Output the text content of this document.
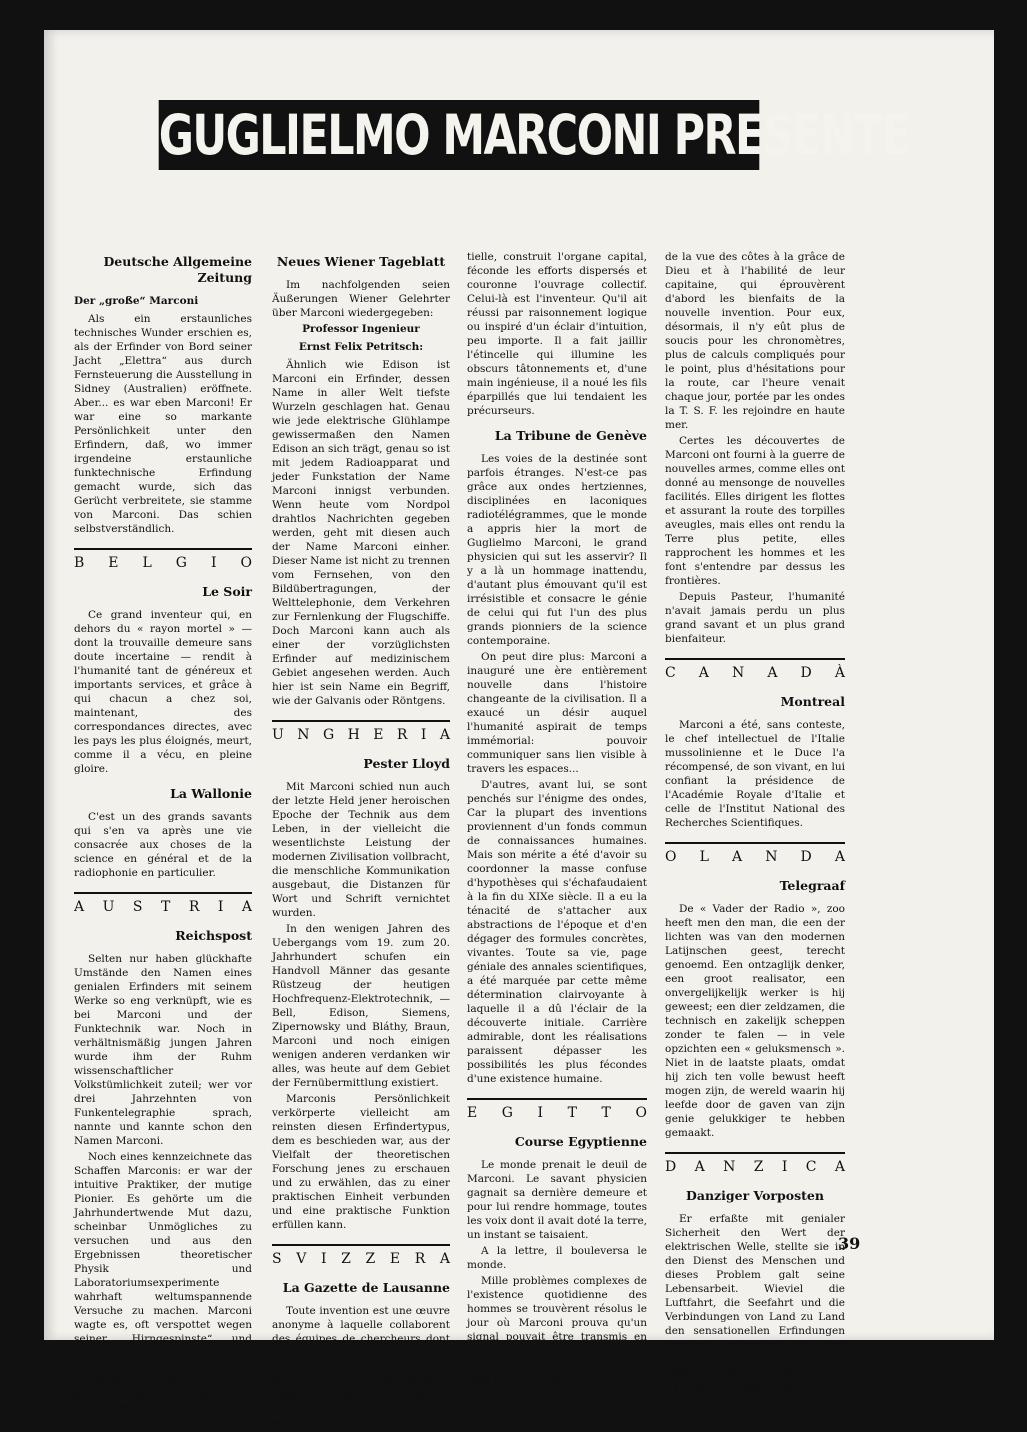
GUGLIELMO MARCONI PRESENTE
Deutsche Allgemeine Zeitung
Der „große“ Marconi

Als ein erstaunliches technisches Wunder erschien es, als der Erfinder von Bord seiner Jacht „Elettra“ aus durch Fernsteuerung die Ausstellung in Sidney (Australien) eröffnete. Aber... es war eben Marconi! Er war eine so markante Persönlichkeit unter den Erfindern, daß, wo immer irgendeine erstaunliche funktechnische Erfindung gemacht wurde, sich das Gerücht verbreitete, sie stamme von Marconi. Das schien selbstverständlich.

B E L G I O
Le Soir

Ce grand inventeur qui, en dehors du « rayon mortel » — dont la trouvaille demeure sans doute incertaine — rendit à l'humanité tant de généreux et importants services, et grâce à qui chacun a chez soi, maintenant, des correspondances directes, avec les pays les plus éloignés, meurt, comme il a vécu, en pleine gloire.

La Wallonie

C'est un des grands savants qui s'en va après une vie consacrée aux choses de la science en général et de la radiophonie en particulier.

A U S T R I A
Reichspost

Selten nur haben glückhafte Umstände den Namen eines genialen Erfinders mit seinem Werke so eng verknüpft, wie es bei Marconi und der Funktechnik war. Noch in verhältnismäßig jungen Jahren wurde ihm der Ruhm wissenschaftlicher Volkstümlichkeit zuteil; wer vor drei Jahrzehnten von Funkentelegraphie sprach, nannte und kannte schon den Namen Marconi.

Noch eines kennzeichnete das Schaffen Marconis: er war der intuitive Praktiker, der mutige Pionier. Es gehörte um die Jahrhundertwende Mut dazu, scheinbar Unmögliches zu versuchen und aus den Ergebnissen theoretischer Physik und Laboratoriumsexperimente wahrhaft weltumspannende Versuche zu machen. Marconi wagte es, oft verspottet wegen seiner „Hirngespinste“ und verlacht wegen seiner zähen Beharrlichkeit, mit der er arbeitete. Er war nicht nur genial; er hatte auch den Fleiß, der das wahre Genie kennzeichnet.

Neues Wiener Tageblatt

Im nachfolgenden seien Äußerungen Wiener Gelehrter über Marconi wiedergegeben:

Professor Ingenieur
Ernst Felix Petritsch:

Ähnlich wie Edison ist Marconi ein Erfinder, dessen Name in aller Welt tiefste Wurzeln geschlagen hat. Genau wie jede elektrische Glühlampe gewissermaßen den Namen Edison an sich trägt, genau so ist mit jedem Radioapparat und jeder Funkstation der Name Marconi innigst verbunden. Wenn heute vom Nordpol drahtlos Nachrichten gegeben werden, geht mit diesen auch der Name Marconi einher. Dieser Name ist nicht zu trennen vom Fernsehen, von den Bildübertragungen, der Welttelephonie, dem Verkehren zur Fernlenkung der Flugschiffe. Doch Marconi kann auch als einer der vorzüglichsten Erfinder auf medizinischem Gebiet angesehen werden. Auch hier ist sein Name ein Begriff, wie der Galvanis oder Röntgens.

U N G H E R I A
Pester Lloyd

Mit Marconi schied nun auch der letzte Held jener heroischen Epoche der Technik aus dem Leben, in der vielleicht die wesentlichste Leistung der modernen Zivilisation vollbracht, die menschliche Kommunikation ausgebaut, die Distanzen für Wort und Schrift vernichtet wurden.

In den wenigen Jahren des Uebergangs vom 19. zum 20. Jahrhundert schufen ein Handvoll Männer das gesante Rüstzeug der heutigen Hochfrequenz-Elektrotechnik, — Bell, Edison, Siemens, Zipernowsky und Bláthy, Braun, Marconi und noch einigen wenigen anderen verdanken wir alles, was heute auf dem Gebiet der Fernübermittlung existiert.

Marconis Persönlichkeit verkörperte vielleicht am reinsten diesen Erfindertypus, dem es beschieden war, aus der Vielfalt der theoretischen Forschung jenes zu erschauen und zu erwählen, das zu einer praktischen Einheit verbunden und eine praktische Funktion erfüllen kann.

S V I Z Z E R A
La Gazette de Lausanne

Toute invention est une œuvre anonyme à laquelle collaborent des équipes de chercheurs dont la plupart s'ignorent entre eux. Parfois, de la foule obscure surgit un homme qui sachant rassembler les travaux de ses devanciers en dégage l'idée essen-

tielle, construit l'organe capital, féconde les efforts dispersés et couronne l'ouvrage collectif. Celui-là est l'inventeur. Qu'il ait réussi par raisonnement logique ou inspiré d'un éclair d'intuition, peu importe. Il a fait jaillir l'étincelle qui illumine les obscurs tâtonnements et, d'une main ingénieuse, il a noué les fils éparpillés que lui tendaient les précurseurs.

La Tribune de Genève

Les voies de la destinée sont parfois étranges. N'est-ce pas grâce aux ondes hertziennes, disciplinées en laconiques radiotélégrammes, que le monde a appris hier la mort de Guglielmo Marconi, le grand physicien qui sut les asservir? Il y a là un hommage inattendu, d'autant plus émouvant qu'il est irrésistible et consacre le génie de celui qui fut l'un des plus grands pionniers de la science contemporaine.

On peut dire plus: Marconi a inauguré une ère entièrement nouvelle dans l'histoire changeante de la civilisation. Il a exaucé un désir auquel l'humanité aspirait de temps immémorial: pouvoir communiquer sans lien visible à travers les espaces...

D'autres, avant lui, se sont penchés sur l'énigme des ondes, Car la plupart des inventions proviennent d'un fonds commun de connaissances humaines. Mais son mérite a été d'avoir su coordonner la masse confuse d'hypothèses qui s'échafaudaient à la fin du XIXe siècle. Il a eu la ténacité de s'attacher aux abstractions de l'époque et d'en dégager des formules concrètes, vivantes. Toute sa vie, page géniale des annales scientifiques, a été marquée par cette même détermination clairvoyante à laquelle il a dû l'éclair de la découverte initiale. Carrière admirable, dont les réalisations paraissent dépasser les possibilités les plus fécondes d'une existence humaine.

E G I T T O
Course Egyptienne

Le monde prenait le deuil de Marconi. Le savant physicien gagnait sa dernière demeure et pour lui rendre hommage, toutes les voix dont il avait doté la terre, un instant se taisaient.

A la lettre, il bouleversa le monde.

Mille problèmes complexes de l'existence quotidienne des hommes se trouvèrent résolus le jour où Marconi prouva qu'un signal pouvait être transmis en un clin d'œil autour de la terre.

Ce furent les isolés de la mer, tous les navigateurs livrés hors

de la vue des côtes à la grâce de Dieu et à l'habilité de leur capitaine, qui éprouvèrent d'abord les bienfaits de la nouvelle invention. Pour eux, désormais, il n'y eût plus de soucis pour les chronomètres, plus de calculs compliqués pour le point, plus d'hésitations pour la route, car l'heure venait chaque jour, portée par les ondes la T. S. F. les rejoindre en haute mer.

Certes les découvertes de Marconi ont fourni à la guerre de nouvelles armes, comme elles ont donné au mensonge de nouvelles facilités. Elles dirigent les flottes et assurant la route des torpilles aveugles, mais elles ont rendu la Terre plus petite, elles rapprochent les hommes et les font s'entendre par dessus les frontières.

Depuis Pasteur, l'humanité n'avait jamais perdu un plus grand savant et un plus grand bienfaiteur.

C A N A D À
Montreal

Marconi a été, sans conteste, le chef intellectuel de l'Italie mussolinienne et le Duce l'a récompensé, de son vivant, en lui confiant la présidence de l'Académie Royale d'Italie et celle de l'Institut National des Recherches Scientifiques.

O L A N D A
Telegraaf

De « Vader der Radio », zoo heeft men den man, die een der lichten was van den modernen Latijnschen geest, terecht genoemd. Een ontzaglijk denker, een groot realisator, een onvergelijkelijk werker is hij geweest; een dier zeldzamen, die technisch en zakelijk scheppen zonder te falen — in vele opzichten een « geluksmensch ». Niet in de laatste plaats, omdat hij zich ten volle bewust heeft mogen zijn, de wereld waarin hij leefde door de gaven van zijn genie gelukkiger te hebben gemaakt.

D A N Z I C A
Danziger Vorposten

Er erfaßte mit genialer Sicherheit den Wert der elektrischen Welle, stellte sie in den Dienst des Menschen und dieses Problem galt seine Lebensarbeit. Wieviel die Luftfahrt, die Seefahrt und die Verbindungen von Land zu Land den sensationellen Erfindungen Marconis verdanken, läßt sich nicht in wenige Worte zusammenfassen. Die Trauer Italiens um diesen Mann ist tief und groß.

39
